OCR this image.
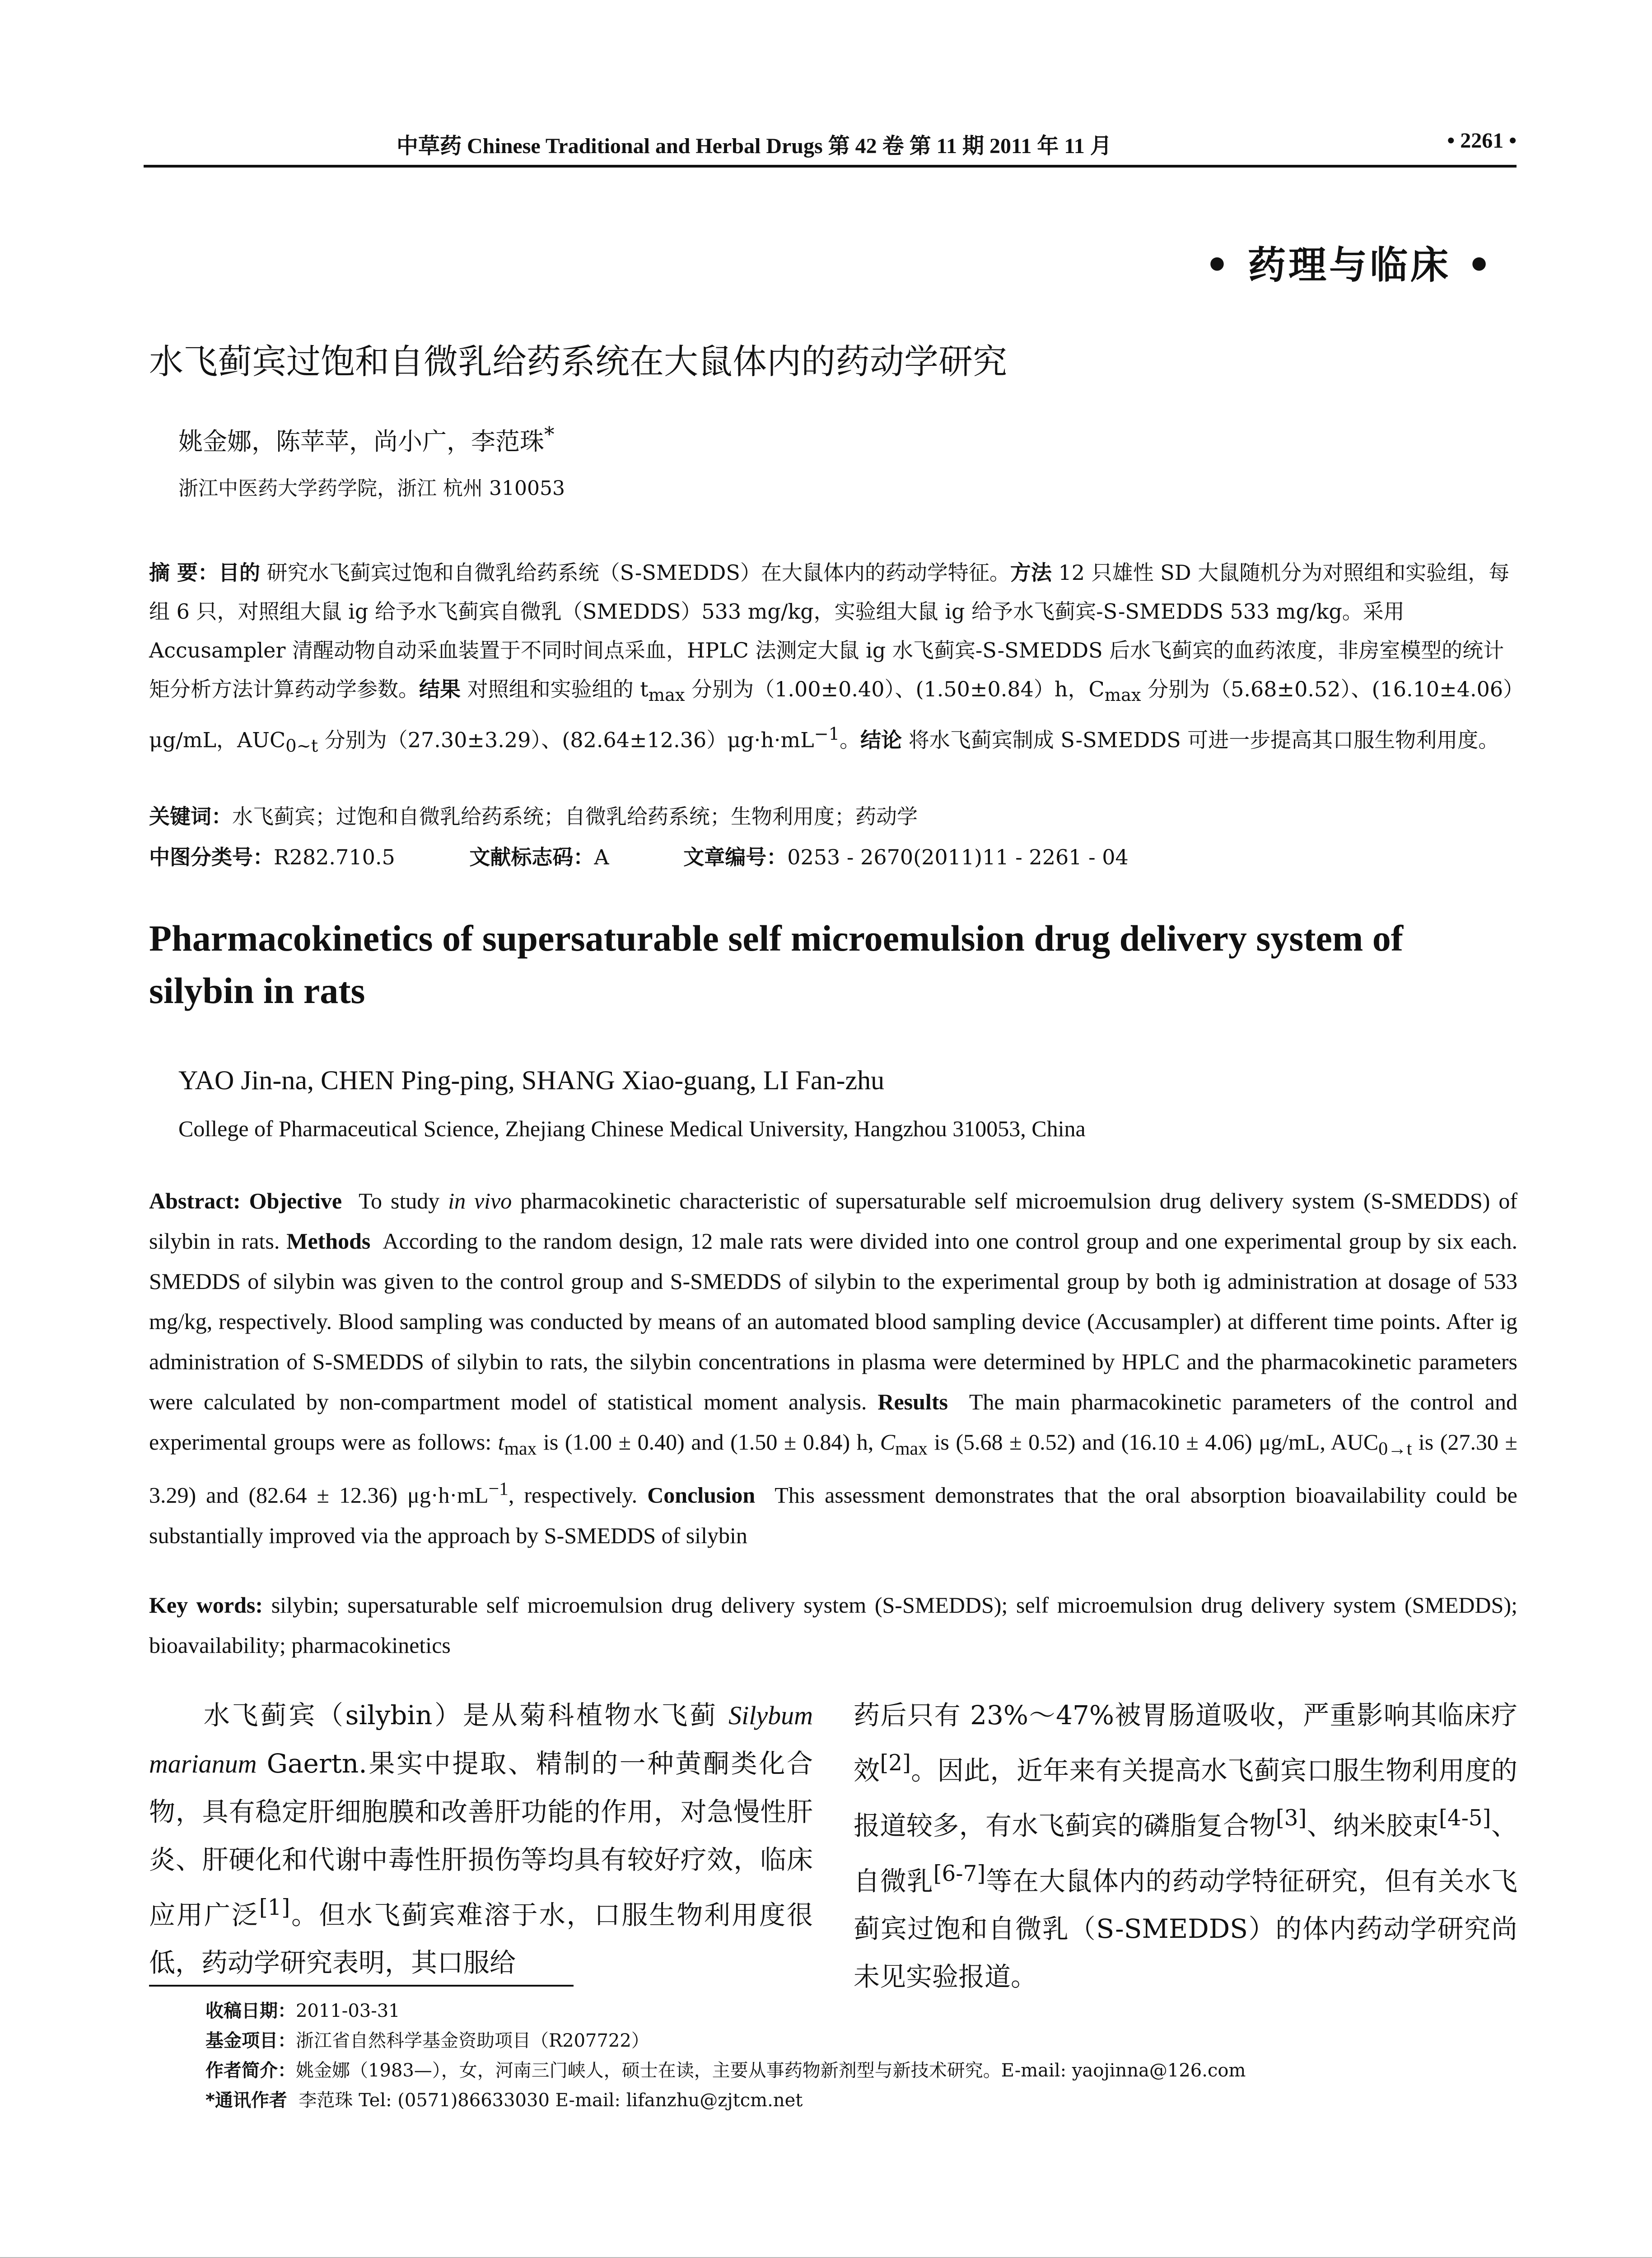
中草药 Chinese Traditional and Herbal Drugs 第 42 卷 第 11 期 2011 年 11 月	• 2261 •
• 药理与临床 •
水飞蓟宾过饱和自微乳给药系统在大鼠体内的药动学研究
姚金娜，陈苹苹，尚小广，李范珠*
浙江中医药大学药学院，浙江 杭州 310053
摘 要：目的 研究水飞蓟宾过饱和自微乳给药系统（S-SMEDDS）在大鼠体内的药动学特征。方法 12 只雄性 SD 大鼠随机分为对照组和实验组，每组 6 只，对照组大鼠 ig 给予水飞蓟宾自微乳（SMEDDS）533 mg/kg，实验组大鼠 ig 给予水飞蓟宾-S-SMEDDS 533 mg/kg。采用 Accusampler 清醒动物自动采血装置于不同时间点采血，HPLC 法测定大鼠 ig 水飞蓟宾-S-SMEDDS 后水飞蓟宾的血药浓度，非房室模型的统计矩分析方法计算药动学参数。结果 对照组和实验组的 $t_{max}$ 分别为（1.00±0.40）、(1.50±0.84）h，$C_{max}$ 分别为（5.68±0.52）、(16.10±4.06）μg/mL，$AUC_{0\sim t}$ 分别为（27.30±3.29）、$(82.64\pm 12.36)\mu g\cdot h\cdot mL^{-1}$。结论 将水飞蓟宾制成 S-SMEDDS 可进一步提高其口服生物利用度。
关键词：水飞蓟宾；过饱和自微乳给药系统；自微乳给药系统；生物利用度；药动学
中图分类号：R282.710.5	文献标志码：A	文章编号：0253 - 2670(2011)11 - 2261 - 04
Pharmacokinetics of supersaturable self microemulsion drug delivery system of silybin in rats
YAO Jin-na, CHEN Ping-ping, SHANG Xiao-guang, LI Fan-zhu
College of Pharmaceutical Science, Zhejiang Chinese Medical University, Hangzhou 310053, China
Abstract: Objective To study in vivo pharmacokinetic characteristic of supersaturable self microemulsion drug delivery system (S-SMEDDS) of silybin in rats. Methods According to the random design, 12 male rats were divided into one control group and one experimental group by six each. SMEDDS of silybin was given to the control group and S-SMEDDS of silybin to the experimental group by both ig administration at dosage of 533 mg/kg, respectively. Blood sampling was conducted by means of an automated blood sampling device (Accusampler) at different time points. After ig administration of S-SMEDDS of silybin to rats, the silybin concentrations in plasma were determined by HPLC and the pharmacokinetic parameters were calculated by non-compartment model of statistical moment analysis. Results The main pharmacokinetic parameters of the control and experimental groups were as follows: $t_{max}$ is (1.00 ± 0.40) and (1.50 ± 0.84) h, $C_{max}$ is (5.68 ± 0.52) and (16.10 ± 4.06) μg/mL, $AUC_{0\to t}$ is (27.30 ± 3.29) and (82.64 ± 12.36) $\mu g\cdot h\cdot mL^{-1}$, respectively. Conclusion This assessment demonstrates that the oral absorption bioavailability could be substantially improved via the approach by S-SMEDDS of silybin
Key words: silybin; supersaturable self microemulsion drug delivery system (S-SMEDDS); self microemulsion drug delivery system (SMEDDS); bioavailability; pharmacokinetics
水飞蓟宾（silybin）是从菊科植物水飞蓟 Silybum marianum Gaertn.果实中提取、精制的一种黄酮类化合物，具有稳定肝细胞膜和改善肝功能的作用，对急慢性肝炎、肝硬化和代谢中毒性肝损伤等均具有较好疗效，临床应用广泛[1]。但水飞蓟宾难溶于水，口服生物利用度很低，药动学研究表明，其口服给
药后只有 23%～47%被胃肠道吸收，严重影响其临床疗效[2]。因此，近年来有关提高水飞蓟宾口服生物利用度的报道较多，有水飞蓟宾的磷脂复合物[3]、纳米胶束[4-5]、自微乳[6-7]等在大鼠体内的药动学特征研究，但有关水飞蓟宾过饱和自微乳（S-SMEDDS）的体内药动学研究尚未见实验报道。
收稿日期：2011-03-31
基金项目：浙江省自然科学基金资助项目（R207722）
作者简介：姚金娜（1983—），女，河南三门峡人，硕士在读，主要从事药物新剂型与新技术研究。E-mail: yaojinna@126.com
*通讯作者 李范珠 Tel: (0571)86633030 E-mail: lifanzhu@zjtcm.net
